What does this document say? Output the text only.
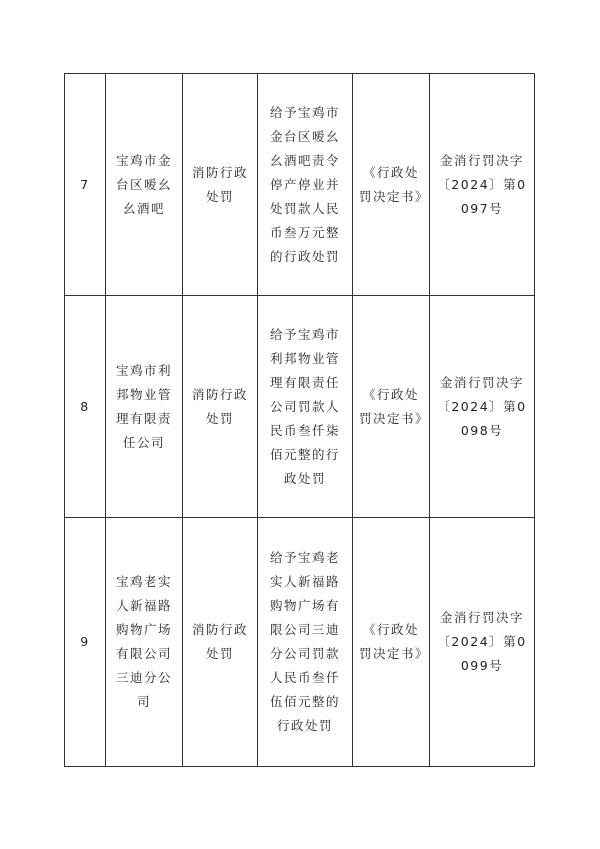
7	宝鸡市金台区嗳幺幺酒吧	消防行政处罚	给予宝鸡市金台区嗳幺幺酒吧责令停产停业并处罚款人民币叁万元整的行政处罚	《行政处罚决定书》	金消行罚决字〔2024〕第0097号
8	宝鸡市利邦物业管理有限责任公司	消防行政处罚	给予宝鸡市利邦物业管理有限责任公司罚款人民币叁仟柒佰元整的行政处罚	《行政处罚决定书》	金消行罚决字〔2024〕第0098号
9	宝鸡老实人新福路购物广场有限公司三迪分公司	消防行政处罚	给予宝鸡老实人新福路购物广场有限公司三迪分公司罚款人民币叁仟伍佰元整的行政处罚	《行政处罚决定书》	金消行罚决字〔2024〕第0099号
